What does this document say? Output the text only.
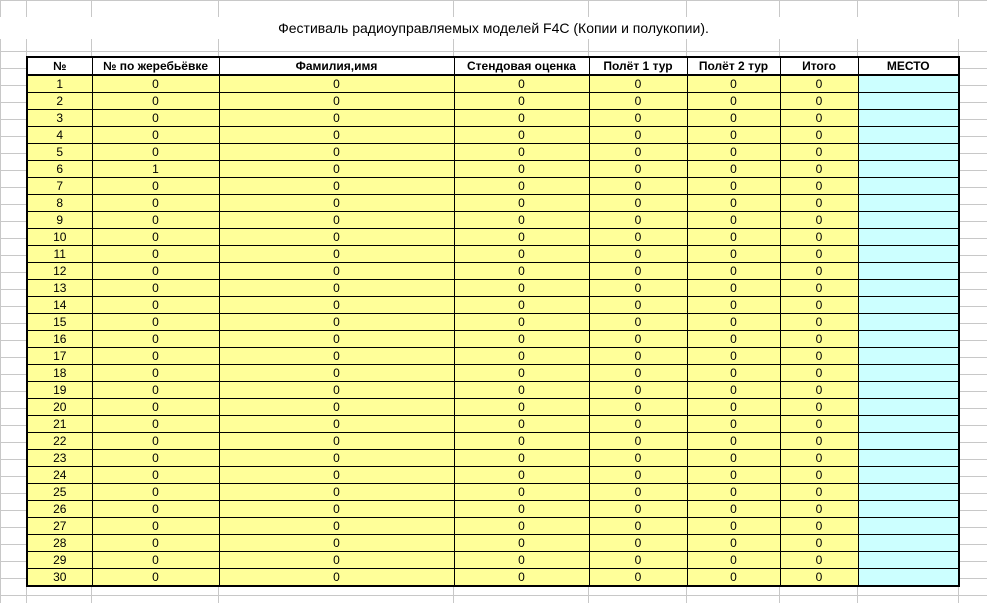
Фестиваль радиоуправляемых моделей F4C (Копии и полукопии).
№	№ по жеребьёвке	Фамилия,имя	Стендовая оценка	Полёт 1 тур	Полёт 2 тур	Итого	МЕСТО
1	0	0	0	0	0	0	
2	0	0	0	0	0	0	
3	0	0	0	0	0	0	
4	0	0	0	0	0	0	
5	0	0	0	0	0	0	
6	1	0	0	0	0	0	
7	0	0	0	0	0	0	
8	0	0	0	0	0	0	
9	0	0	0	0	0	0	
10	0	0	0	0	0	0	
11	0	0	0	0	0	0	
12	0	0	0	0	0	0	
13	0	0	0	0	0	0	
14	0	0	0	0	0	0	
15	0	0	0	0	0	0	
16	0	0	0	0	0	0	
17	0	0	0	0	0	0	
18	0	0	0	0	0	0	
19	0	0	0	0	0	0	
20	0	0	0	0	0	0	
21	0	0	0	0	0	0	
22	0	0	0	0	0	0	
23	0	0	0	0	0	0	
24	0	0	0	0	0	0	
25	0	0	0	0	0	0	
26	0	0	0	0	0	0	
27	0	0	0	0	0	0	
28	0	0	0	0	0	0	
29	0	0	0	0	0	0	
30	0	0	0	0	0	0	
